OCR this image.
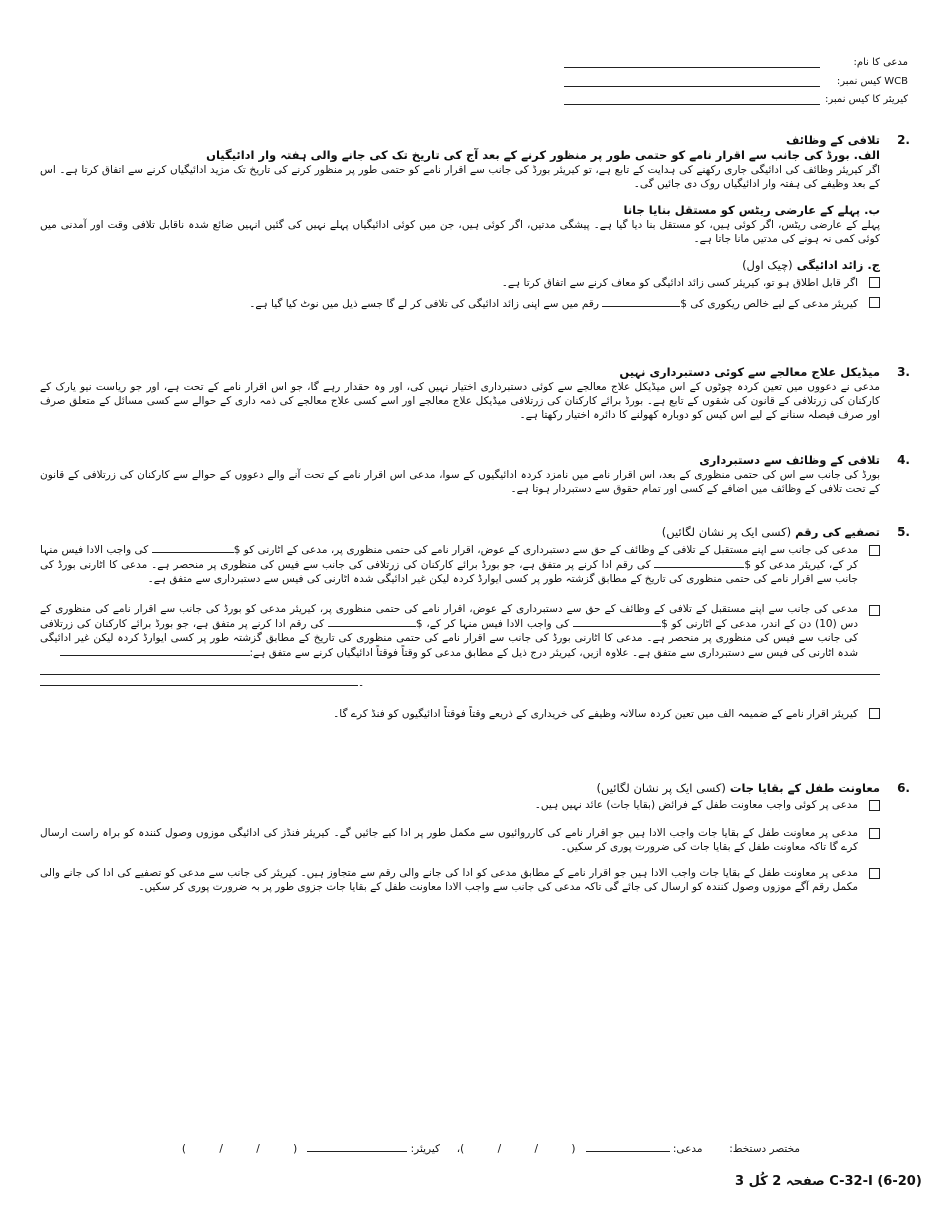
مدعی کا نام:
WCB کیس نمبر:
کیریئر کا کیس نمبر:
2.
تلافی کے وظائف
الف. بورڈ کی جانب سے اقرار نامے کو حتمی طور پر منظور کرنے کے بعد آج کی تاریخ تک کی جانے والی ہفتہ وار ادائیگیاں
اگر کیریئر وظائف کی ادائیگی جاری رکھنے کی ہدایت کے تابع ہے، تو کیریئر بورڈ کی جانب سے اقرار نامے کو حتمی طور پر منظور کرنے کی تاریخ تک مزید ادائیگیاں کرنے سے اتفاق کرتا ہے۔ اس کے بعد وظیفے کی ہفتہ وار ادائیگیاں روک دی جائیں گی۔
ب. پہلے کے عارضی ریٹس کو مستقل بنایا جانا
پہلے کے عارضی ریٹس، اگر کوئی ہیں، کو مستقل بنا دیا گیا ہے۔ پیشگی مدتیں، اگر کوئی ہیں، جن میں کوئی ادائیگیاں پہلے نہیں کی گئیں انہیں ضائع شدہ ناقابل تلافی وقت اور آمدنی میں کوئی کمی نہ ہونے کی مدتیں مانا جاتا ہے۔
ج. زائد ادائیگی (چیک اول)
اگر قابل اطلاق ہو تو، کیریئر کسی زائد ادائیگی کو معاف کرنے سے اتفاق کرتا ہے۔
کیریئر مدعی کے لیے خالص ریکوری کی $ رقم میں سے اپنی زائد ادائیگی کی تلافی کر لے گا جسے ذیل میں نوٹ کیا گیا ہے۔
3.
میڈیکل علاج معالجے سے کوئی دستبرداری نہیں
مدعی نے دعووں میں تعین کردہ چوٹوں کے اس میڈیکل علاج معالجے سے کوئی دستبرداری اختیار نہیں کی، اور وہ حقدار رہے گا، جو اس اقرار نامے کے تحت ہے، اور جو ریاست نیو یارک کے کارکنان کی زرتلافی کے قانون کی شقوں کے تابع ہے۔ بورڈ برائے کارکنان کی زرتلافی میڈیکل علاج معالجے اور اسے کسی علاج معالجے کی ذمہ داری کے حوالے سے کسی مسائل کے متعلق صرف اور صرف فیصلہ سنانے کے لیے اس کیس کو دوبارہ کھولنے کا دائرہ اختیار رکھتا ہے۔
4.
تلافی کے وظائف سے دستبرداری
بورڈ کی جانب سے اس کی حتمی منظوری کے بعد، اس اقرار نامے میں نامزد کردہ ادائیگیوں کے سوا، مدعی اس اقرار نامے کے تحت آنے والے دعووں کے حوالے سے کارکنان کی زرتلافی کے قانون کے تحت تلافی کے وظائف میں اضافے کے کسی اور تمام حقوق سے دستبردار ہوتا ہے۔
5.
تصفیے کی رقم (کسی ایک پر نشان لگائیں)
مدعی کی جانب سے اپنے مستقبل کے تلافی کے وظائف کے حق سے دستبرداری کے عوض، اقرار نامے کی حتمی منظوری پر، مدعی کے اٹارنی کو $ کی واجب الادا فیس منہا کر کے، کیریئر مدعی کو $ کی رقم ادا کرنے پر متفق ہے، جو بورڈ برائے کارکنان کی زرتلافی کی جانب سے فیس کی منظوری پر منحصر ہے۔ مدعی کا اٹارنی بورڈ کی جانب سے اقرار نامے کی حتمی منظوری کی تاریخ کے مطابق گزشتہ طور پر کسی ایوارڈ کردہ لیکن غیر ادائیگی شدہ اٹارنی کی فیس سے دستبرداری سے متفق ہے۔
مدعی کی جانب سے اپنے مستقبل کے تلافی کے وظائف کے حق سے دستبرداری کے عوض، اقرار نامے کی حتمی منظوری پر، کیریئر مدعی کو بورڈ کی جانب سے اقرار نامے کی منظوری کے دس (10) دن کے اندر، مدعی کے اٹارنی کو $ کی واجب الادا فیس منہا کر کے، $ کی رقم ادا کرنے پر متفق ہے، جو بورڈ برائے کارکنان کی زرتلافی کی جانب سے فیس کی منظوری پر منحصر ہے۔ مدعی کا اٹارنی بورڈ کی جانب سے اقرار نامے کی حتمی منظوری کی تاریخ کے مطابق گزشتہ طور پر کسی ایوارڈ کردہ لیکن غیر ادائیگی شدہ اٹارنی کی فیس سے دستبرداری سے متفق ہے۔ علاوہ ازیں، کیریئر درج ذیل کے مطابق مدعی کو وقتاً فوقتاً ادائیگیاں کرنے سے متفق ہے:
۔
کیریئر اقرار نامے کے ضمیمہ الف میں تعین کردہ سالانہ وظیفے کی خریداری کے ذریعے وقتاً فوقتاً ادائیگیوں کو فنڈ کرے گا۔
6.
معاونت طفل کے بقایا جات (کسی ایک پر نشان لگائیں)
مدعی پر کوئی واجب معاونت طفل کے فرائض (بقایا جات) عائد نہیں ہیں۔
مدعی پر معاونت طفل کے بقایا جات واجب الادا ہیں جو اقرار نامے کی کارروائیوں سے مکمل طور پر ادا کیے جائیں گے۔ کیریئر فنڈز کی ادائیگی موزوں وصول کنندہ کو براہ راست ارسال کرے گا تاکہ معاونت طفل کے بقایا جات کی ضرورت پوری کر سکیں۔
مدعی پر معاونت طفل کے بقایا جات واجب الادا ہیں جو اقرار نامے کے مطابق مدعی کو ادا کی جانے والی رقم سے متجاوز ہیں۔ کیریئر کی جانب سے مدعی کو تصفیے کی ادا کی جانے والی مکمل رقم آگے موزوں وصول کنندہ کو ارسال کی جائے گی تاکہ مدعی کی جانب سے واجب الادا معاونت طفل کے بقایا جات جزوی طور پر بہ ضرورت پوری کر سکیں۔
مختصر دستخط:        مدعی:    (          /          /          )،     کیریئر:    (          /          /          )
C-32-I (6-20) صفحہ 2 کُل 3
